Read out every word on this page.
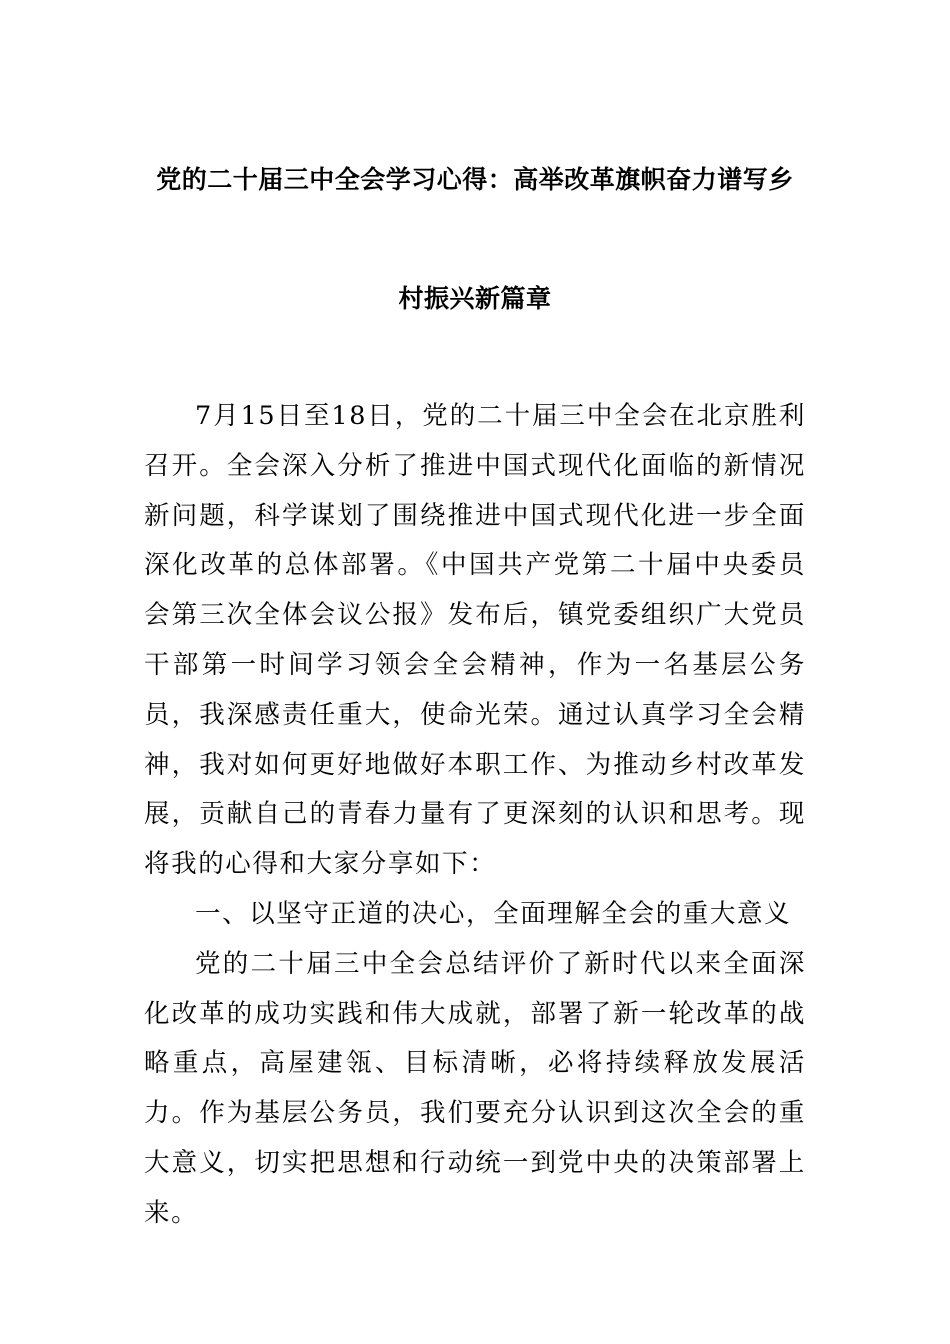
党的二十届三中全会学习心得：高举改革旗帜奋力谱写乡
村振兴新篇章

7月15日至18日，党的二十届三中全会在北京胜利召开。全会深入分析了推进中国式现代化面临的新情况新问题，科学谋划了围绕推进中国式现代化进一步全面深化改革的总体部署。《中国共产党第二十届中央委员会第三次全体会议公报》发布后，镇党委组织广大党员干部第一时间学习领会全会精神，作为一名基层公务员，我深感责任重大，使命光荣。通过认真学习全会精神，我对如何更好地做好本职工作、为推动乡村改革发展，贡献自己的青春力量有了更深刻的认识和思考。现将我的心得和大家分享如下：

一、以坚守正道的决心，全面理解全会的重大意义

党的二十届三中全会总结评价了新时代以来全面深化改革的成功实践和伟大成就，部署了新一轮改革的战略重点，高屋建瓴、目标清晰，必将持续释放发展活力。作为基层公务员，我们要充分认识到这次全会的重大意义，切实把思想和行动统一到党中央的决策部署上来。
